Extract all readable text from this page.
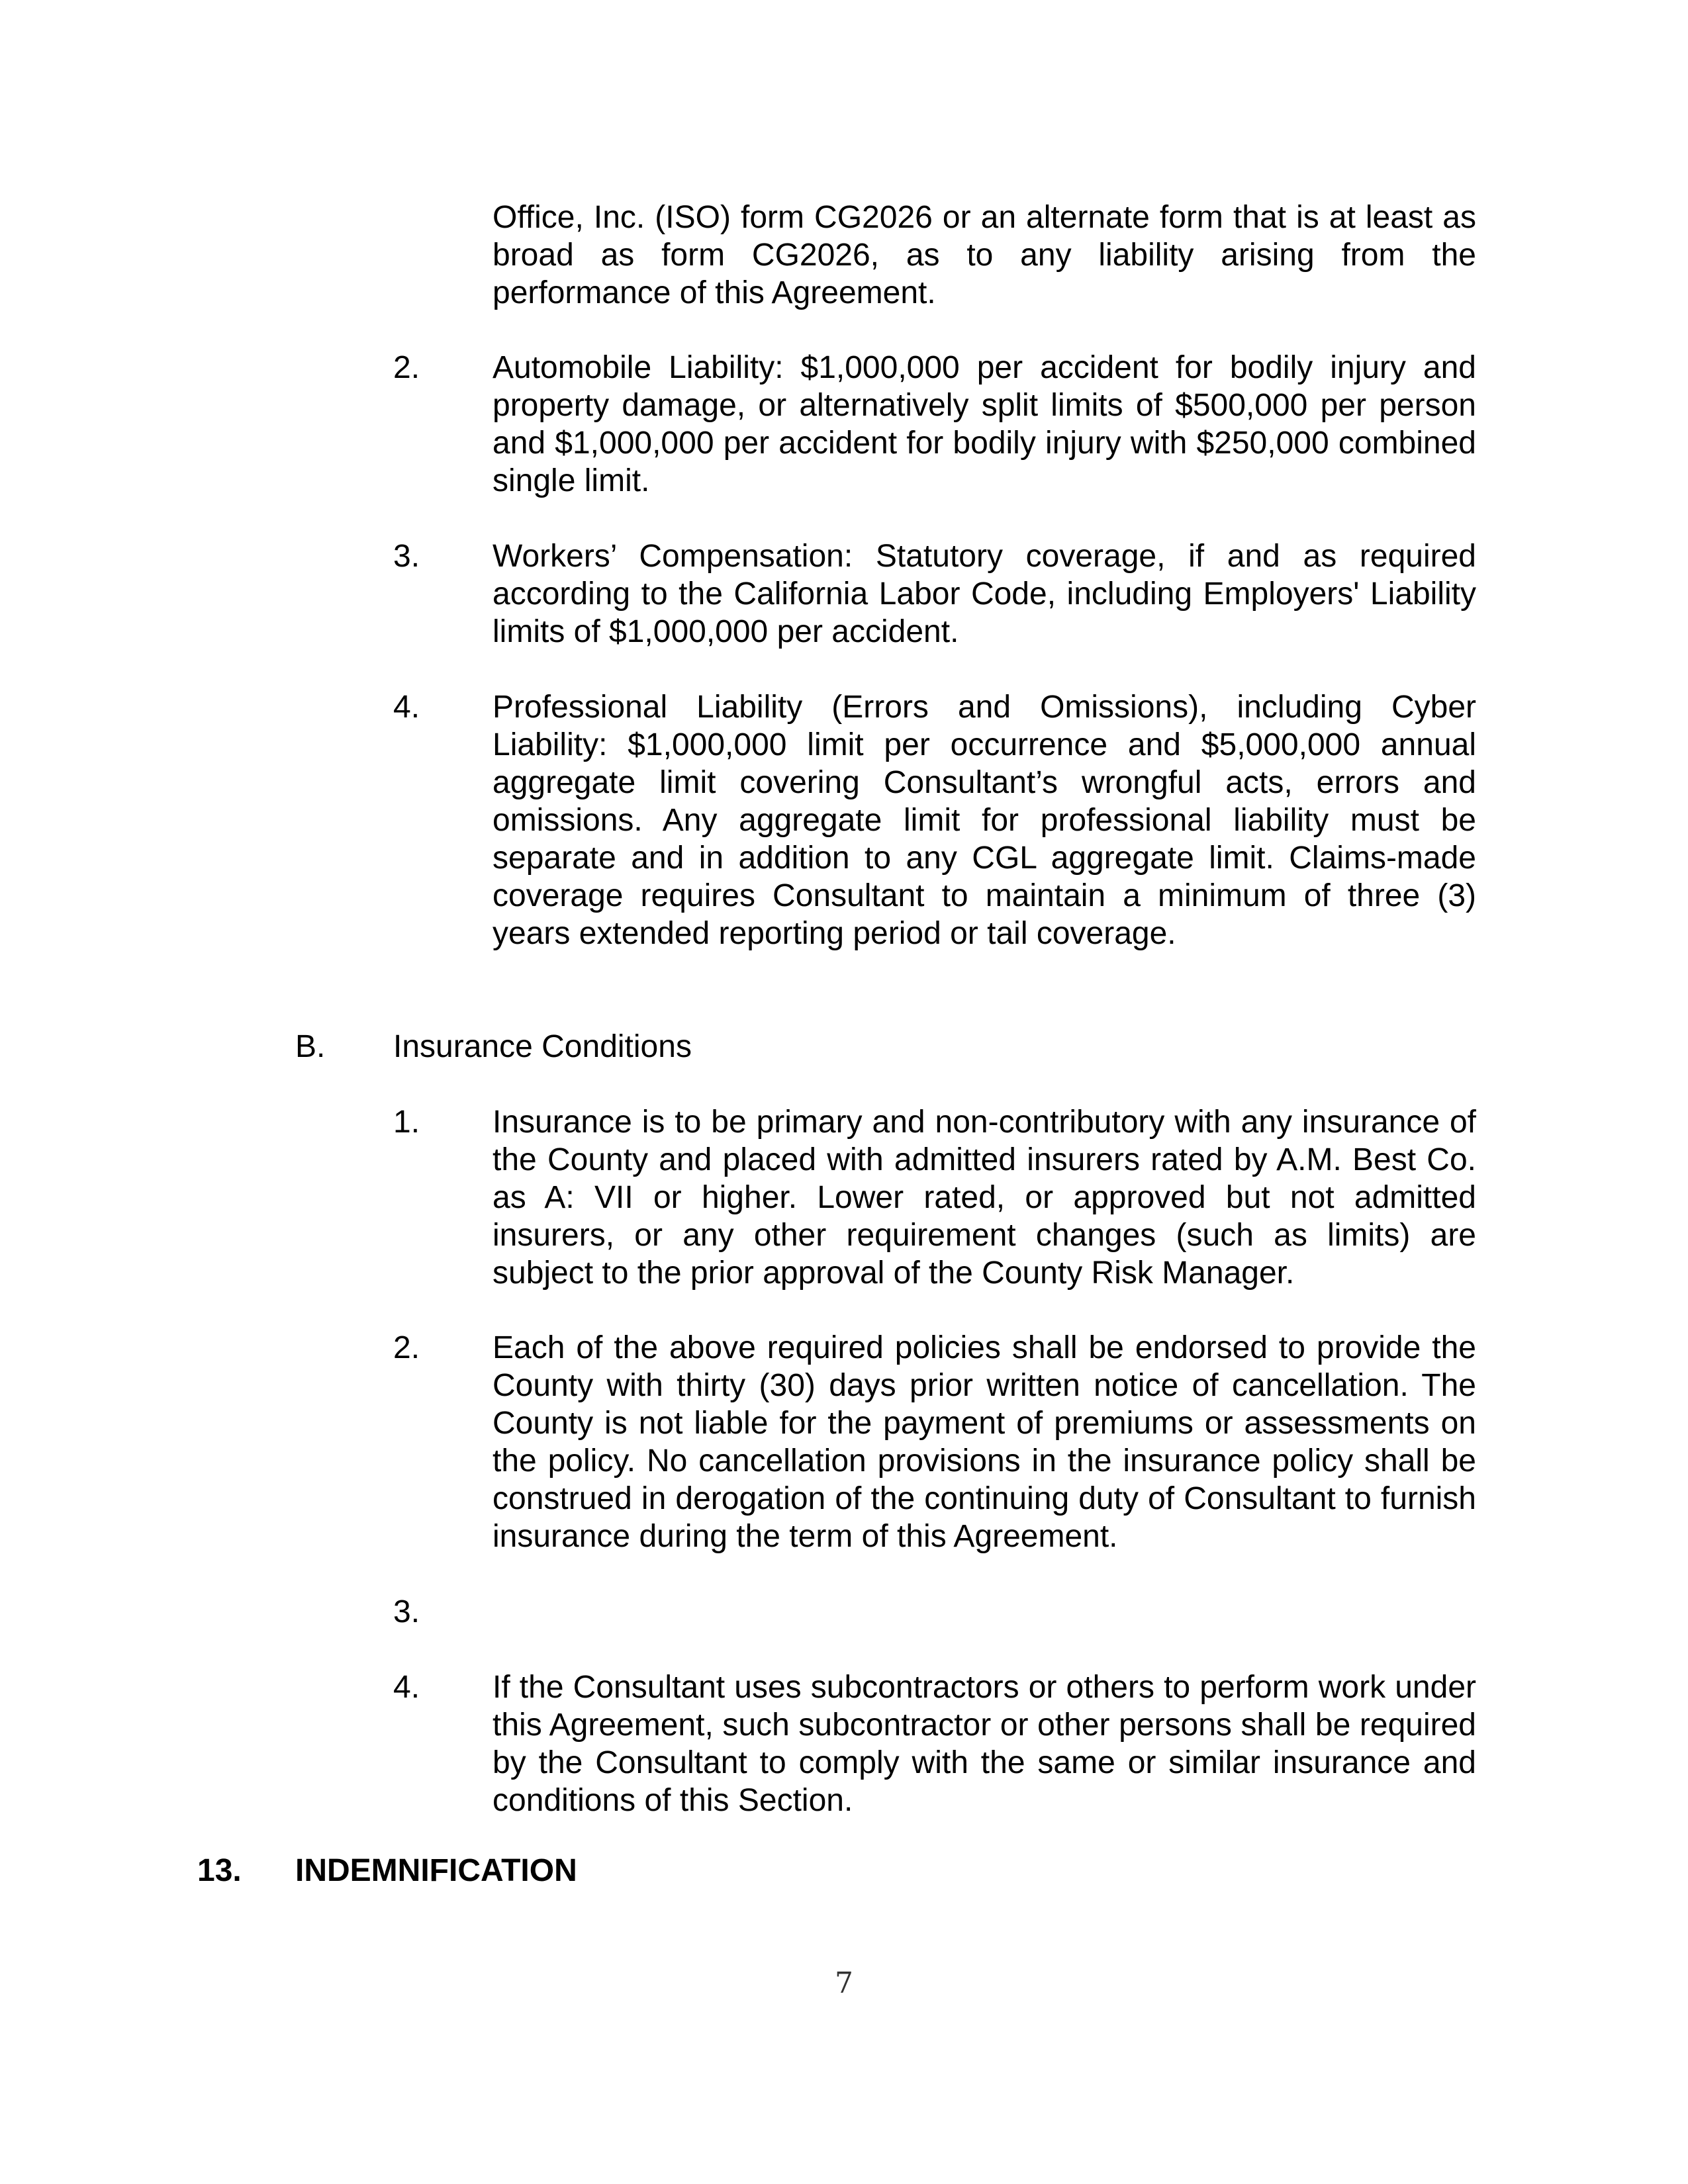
Office, Inc. (ISO) form CG2026 or an alternate form that is at least as broad as form CG2026, as to any liability arising from the performance of this Agreement.

2. Automobile Liability: $1,000,000 per accident for bodily injury and property damage, or alternatively split limits of $500,000 per person and $1,000,000 per accident for bodily injury with $250,000 combined single limit.

3. Workers’ Compensation: Statutory coverage, if and as required according to the California Labor Code, including Employers' Liability limits of $1,000,000 per accident.

4. Professional Liability (Errors and Omissions), including Cyber Liability: $1,000,000 limit per occurrence and $5,000,000 annual aggregate limit covering Consultant’s wrongful acts, errors and omissions. Any aggregate limit for professional liability must be separate and in addition to any CGL aggregate limit. Claims-made coverage requires Consultant to maintain a minimum of three (3) years extended reporting period or tail coverage.

B. Insurance Conditions
1. Insurance is to be primary and non-contributory with any insurance of the County and placed with admitted insurers rated by A.M. Best Co. as A: VII or higher. Lower rated, or approved but not admitted insurers, or any other requirement changes (such as limits) are subject to the prior approval of the County Risk Manager.

2. Each of the above required policies shall be endorsed to provide the County with thirty (30) days prior written notice of cancellation. The County is not liable for the payment of premiums or assessments on the policy. No cancellation provisions in the insurance policy shall be construed in derogation of the continuing duty of Consultant to furnish insurance during the term of this Agreement.

3.

4. If the Consultant uses subcontractors or others to perform work under this Agreement, such subcontractor or other persons shall be required by the Consultant to comply with the same or similar insurance and conditions of this Section.

13. INDEMNIFICATION
7
